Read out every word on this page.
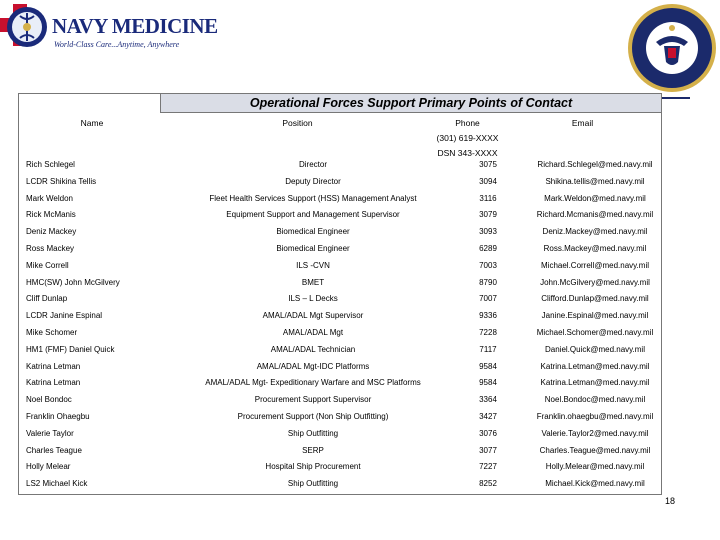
NAVY MEDICINE
World-Class Care...Anytime, Anywhere
Operational Forces Support Primary Points of Contact
Name	Position	Phone
(301) 619-XXXX
DSN 343-XXXX
Email
Rich Schlegel	Director	3075	Richard.Schlegel@med.navy.mil
LCDR Shikina Tellis	Deputy Director	3094	Shikina.tellis@med.navy.mil
Mark Weldon	Fleet Health Services Support (HSS) Management Analyst	3116	Mark.Weldon@med.navy.mil
Rick McManis	Equipment Support and Management Supervisor	3079	Richard.Mcmanis@med.navy.mil
Deniz Mackey	Biomedical Engineer	3093	Deniz.Mackey@med.navy.mil
Ross Mackey	Biomedical Engineer	6289	Ross.Mackey@med.navy.mil
Mike Correll	ILS -CVN	7003	Michael.Correll@med.navy.mil
HMC(SW) John McGilvery	BMET	8790	John.McGilvery@med.navy.mil
Cliff Dunlap	ILS – L Decks	7007	Clifford.Dunlap@med.navy.mil
LCDR Janine Espinal	AMAL/ADAL Mgt Supervisor	9336	Janine.Espinal@med.navy.mil
Mike Schomer	AMAL/ADAL Mgt	7228	Michael.Schomer@med.navy.mil
HM1 (FMF) Daniel Quick	AMAL/ADAL Technician	7117	Daniel.Quick@med.navy.mil
Katrina Letman	AMAL/ADAL Mgt-IDC Platforms	9584	Katrina.Letman@med.navy.mil
Katrina Letman	AMAL/ADAL Mgt- Expeditionary Warfare and MSC Platforms	9584	Katrina.Letman@med.navy.mil
Noel Bondoc	Procurement Support Supervisor	3364	Noel.Bondoc@med.navy.mil
Franklin Ohaegbu	Procurement Support (Non Ship Outfitting)	3427	Franklin.ohaegbu@med.navy.mil
Valerie Taylor	Ship Outfitting	3076	Valerie.Taylor2@med.navy.mil
Charles Teague	SERP	3077	Charles.Teague@med.navy.mil
Holly Melear	Hospital Ship Procurement	7227	Holly.Melear@med.navy.mil
LS2 Michael Kick	Ship Outfitting	8252	Michael.Kick@med.navy.mil
18
